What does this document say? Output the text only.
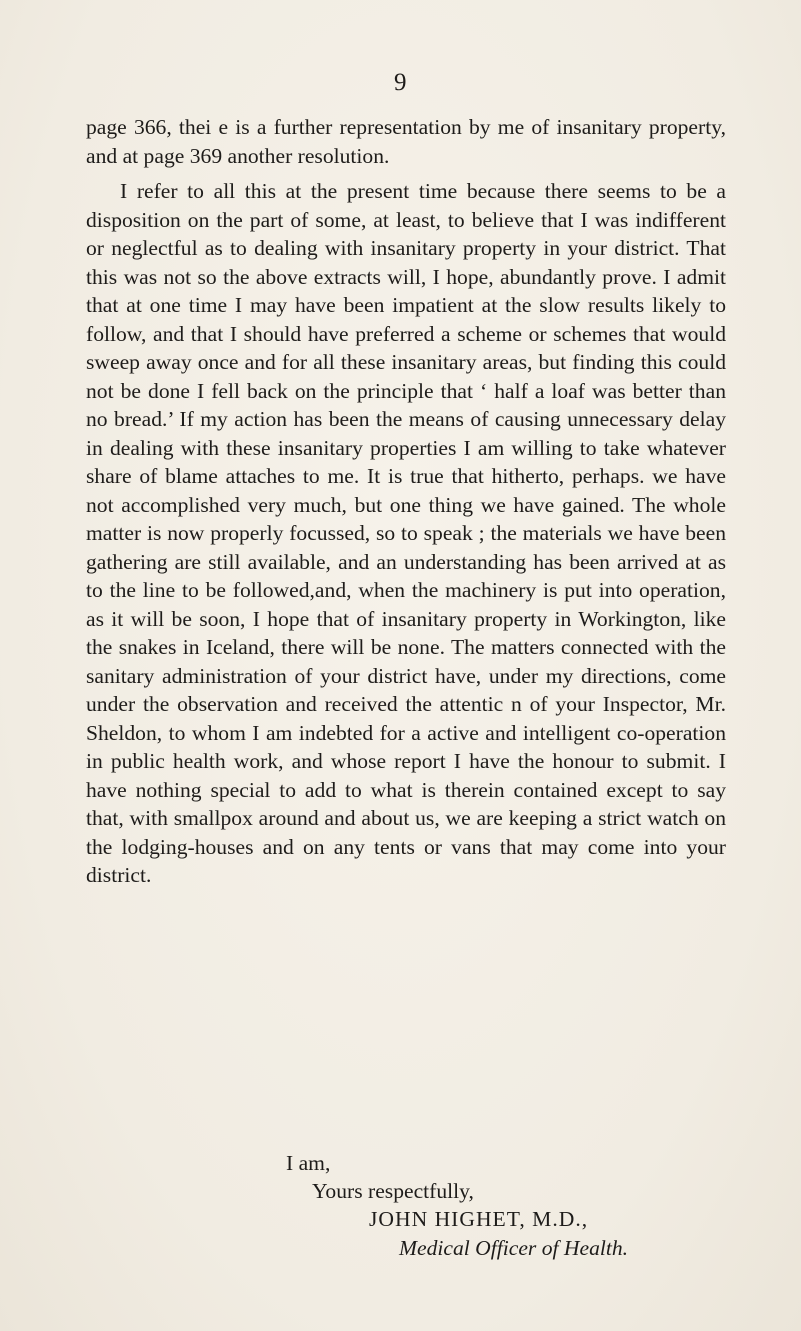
9

page 366, thei e is a further representation by me of insanitary property, and at page 369 another resolution.

I refer to all this at the present time because there seems to be a disposition on the part of some, at least, to believe that I was indifferent or neglectful as to dealing with insanitary property in your district. That this was not so the above extracts will, I hope, abundantly prove. I admit that at one time I may have been impatient at the slow results likely to follow, and that I should have preferred a scheme or schemes that would sweep away once and for all these insanitary areas, but finding this could not be done I fell back on the principle that ‘ half a loaf was better than no bread.’ If my action has been the means of causing unnecessary delay in dealing with these insanitary properties I am willing to take whatever share of blame attaches to me. It is true that hitherto, perhaps. we have not accomplished very much, but one thing we have gained. The whole matter is now properly focussed, so to speak ; the materials we have been gathering are still available, and an understanding has been arrived at as to the line to be followed,and, when the machinery is put into operation, as it will be soon, I hope that of insanitary property in Workington, like the snakes in Iceland, there will be none. The matters connected with the sanitary administration of your district have, under my directions, come under the observation and received the attentic n of your Inspector, Mr. Sheldon, to whom I am indebted for a active and intelligent co-operation in public health work, and whose report I have the honour to submit. I have nothing special to add to what is therein contained except to say that, with smallpox around and about us, we are keeping a strict watch on the lodging-houses and on any tents or vans that may come into your district.

I am,
Yours respectfully,
JOHN HIGHET, M.D.,
Medical Officer of Health.
